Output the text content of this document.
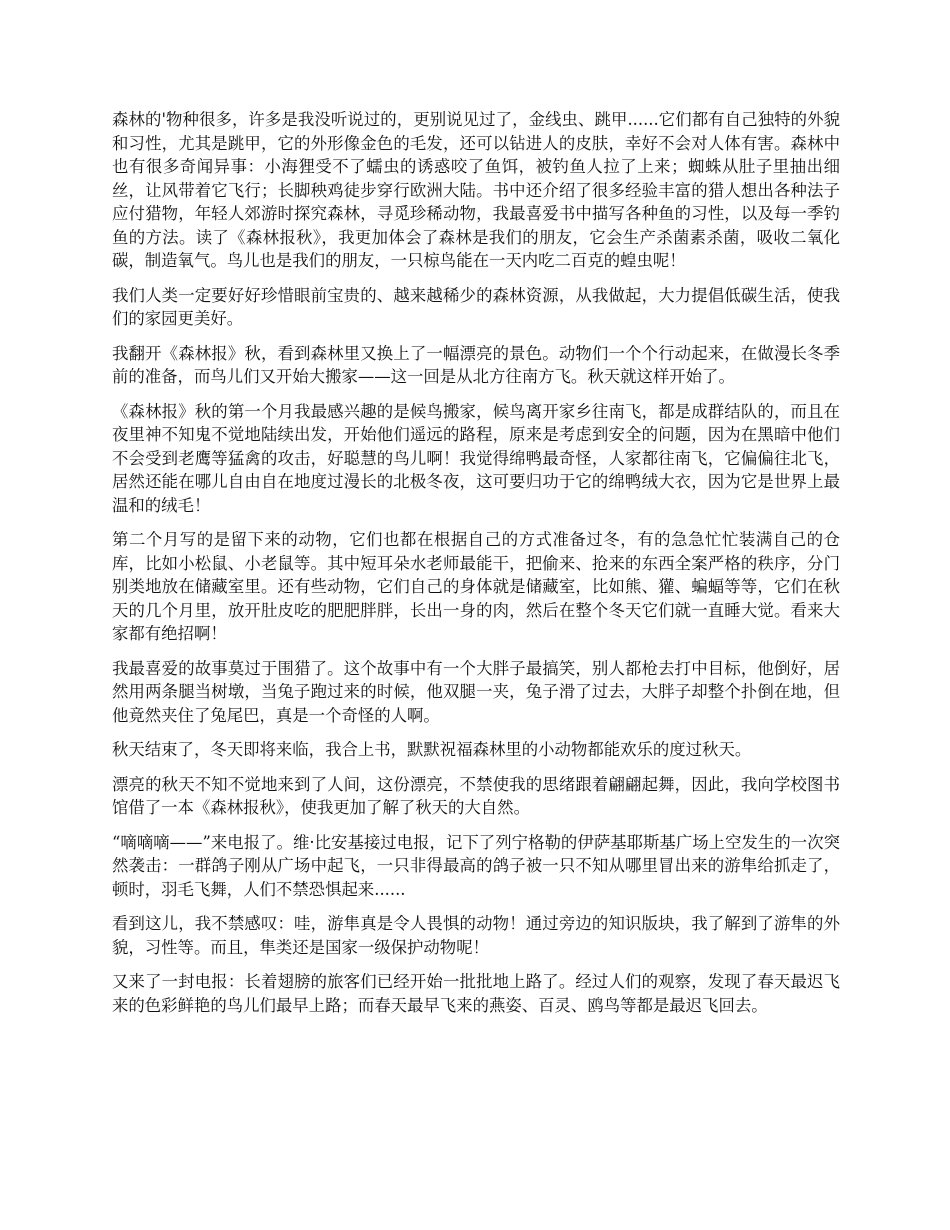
森林的'物种很多，许多是我没听说过的，更别说见过了，金线虫、跳甲......它们都有自己独特的外貌和习性，尤其是跳甲，它的外形像金色的毛发，还可以钻进人的皮肤，幸好不会对人体有害。森林中也有很多奇闻异事：小海狸受不了蠕虫的诱惑咬了鱼饵，被钓鱼人拉了上来；蜘蛛从肚子里抽出细丝，让风带着它飞行；长脚秧鸡徒步穿行欧洲大陆。书中还介绍了很多经验丰富的猎人想出各种法子应付猎物，年轻人郊游时探究森林，寻觅珍稀动物，我最喜爱书中描写各种鱼的习性，以及每一季钓鱼的方法。读了《森林报秋》，我更加体会了森林是我们的朋友，它会生产杀菌素杀菌，吸收二氧化碳，制造氧气。鸟儿也是我们的朋友，一只椋鸟能在一天内吃二百克的蝗虫呢！

我们人类一定要好好珍惜眼前宝贵的、越来越稀少的森林资源，从我做起，大力提倡低碳生活，使我们的家园更美好。

我翻开《森林报》秋，看到森林里又换上了一幅漂亮的景色。动物们一个个行动起来，在做漫长冬季前的准备，而鸟儿们又开始大搬家——这一回是从北方往南方飞。秋天就这样开始了。

《森林报》秋的第一个月我最感兴趣的是候鸟搬家，候鸟离开家乡往南飞，都是成群结队的，而且在夜里神不知鬼不觉地陆续出发，开始他们遥远的路程，原来是考虑到安全的问题，因为在黑暗中他们不会受到老鹰等猛禽的攻击，好聪慧的鸟儿啊！我觉得绵鸭最奇怪，人家都往南飞，它偏偏往北飞，居然还能在哪儿自由自在地度过漫长的北极冬夜，这可要归功于它的绵鸭绒大衣，因为它是世界上最温和的绒毛！

第二个月写的是留下来的动物，它们也都在根据自己的方式准备过冬，有的急急忙忙装满自己的仓库，比如小松鼠、小老鼠等。其中短耳朵水老师最能干，把偷来、抢来的东西全案严格的秩序，分门别类地放在储藏室里。还有些动物，它们自己的身体就是储藏室，比如熊、獾、蝙蝠等等，它们在秋天的几个月里，放开肚皮吃的肥肥胖胖，长出一身的肉，然后在整个冬天它们就一直睡大觉。看来大家都有绝招啊！

我最喜爱的故事莫过于围猎了。这个故事中有一个大胖子最搞笑，别人都枪去打中目标，他倒好，居然用两条腿当树墩，当兔子跑过来的时候，他双腿一夹，兔子滑了过去，大胖子却整个扑倒在地，但他竟然夹住了兔尾巴，真是一个奇怪的人啊。

秋天结束了，冬天即将来临，我合上书，默默祝福森林里的小动物都能欢乐的度过秋天。

漂亮的秋天不知不觉地来到了人间，这份漂亮，不禁使我的思绪跟着翩翩起舞，因此，我向学校图书馆借了一本《森林报秋》，使我更加了解了秋天的大自然。

“嘀嘀嘀——”来电报了。维·比安基接过电报，记下了列宁格勒的伊萨基耶斯基广场上空发生的一次突然袭击：一群鸽子刚从广场中起飞，一只非得最高的鸽子被一只不知从哪里冒出来的游隼给抓走了，顿时，羽毛飞舞，人们不禁恐惧起来......

看到这儿，我不禁感叹：哇，游隼真是令人畏惧的动物！通过旁边的知识版块，我了解到了游隼的外貌，习性等。而且，隼类还是国家一级保护动物呢！

又来了一封电报：长着翅膀的旅客们已经开始一批批地上路了。经过人们的观察，发现了春天最迟飞来的色彩鲜艳的鸟儿们最早上路；而春天最早飞来的燕姿、百灵、鸥鸟等都是最迟飞回去。
